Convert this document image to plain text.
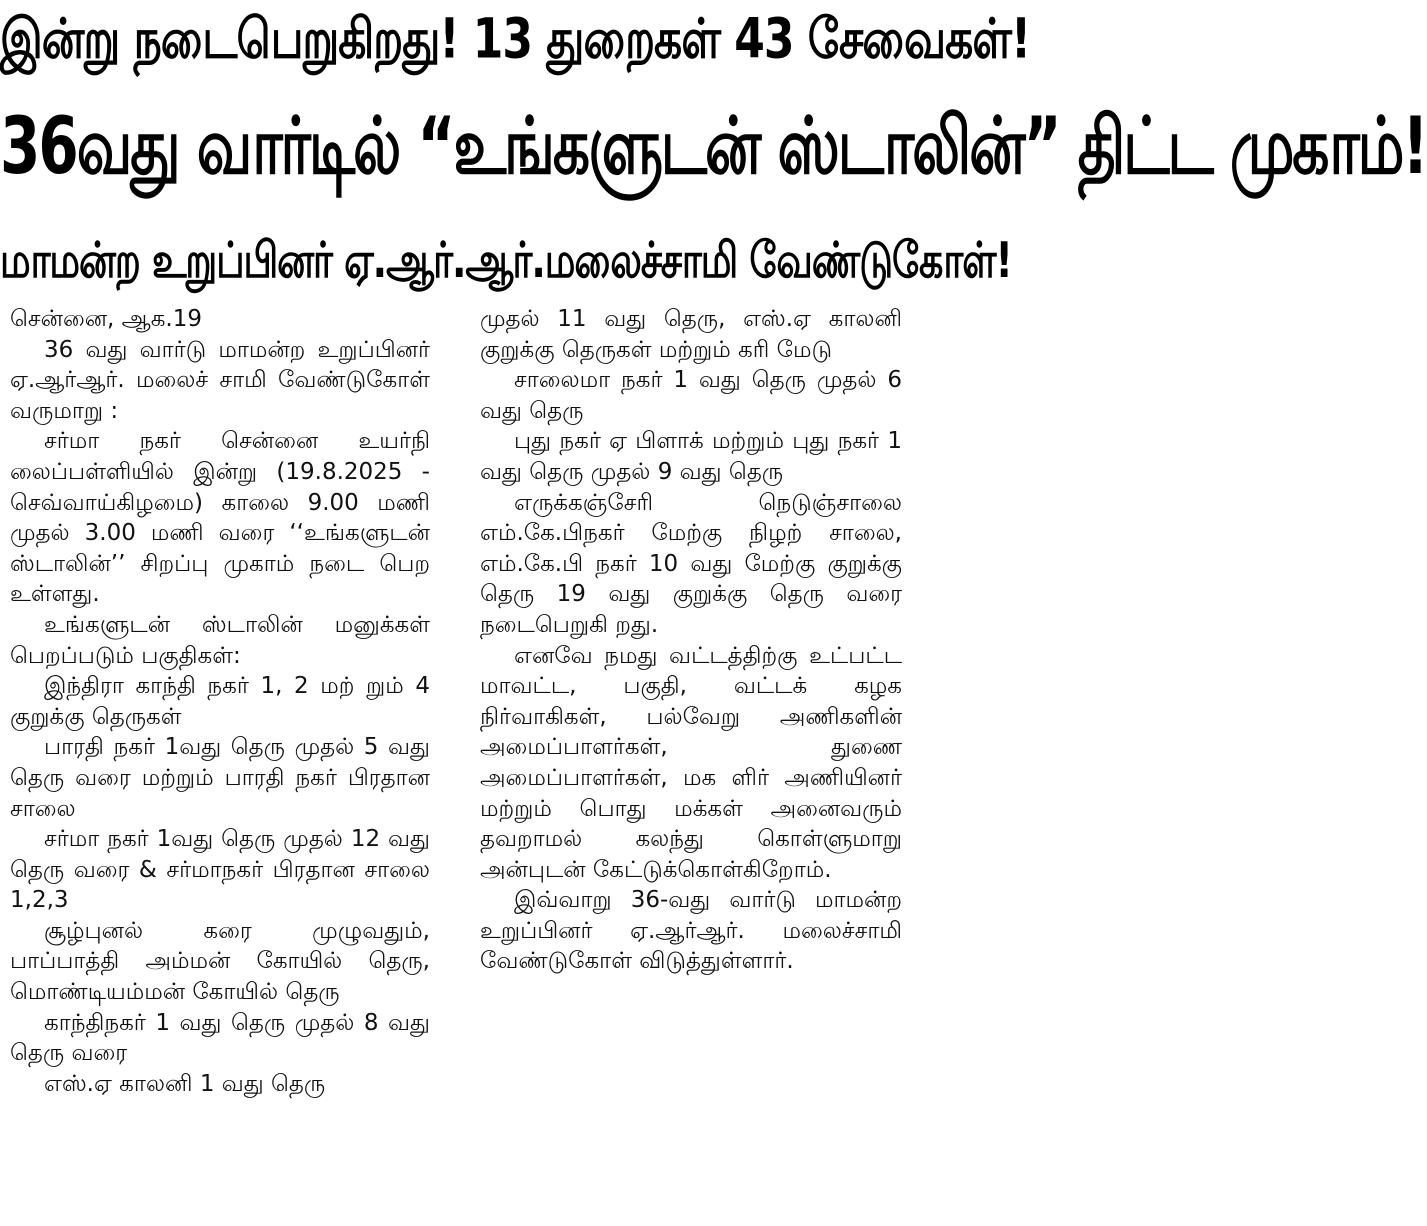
இன்று நடைபெறுகிறது! 13 துறைகள் 43 சேவைகள்!
36வது வார்டில் “உங்களுடன் ஸ்டாலின்” திட்ட முகாம்!
மாமன்ற உறுப்பினர் ஏ.ஆர்.ஆர்.மலைச்சாமி வேண்டுகோள்!

சென்னை, ஆக.19

36 வது வார்டு மாமன்ற உறுப்பினர் ஏ.ஆர்ஆர். மலைச் சாமி வேண்டுகோள் வருமாறு :

சர்மா நகர் சென்னை உயர்நி லைப்பள்ளியில் இன்று (19.8.2025 - செவ்வாய்கிழமை) காலை 9.00 மணி முதல் 3.00 மணி வரை ‘‘உங்களுடன் ஸ்டாலின்’’ சிறப்பு முகாம் நடை பெற உள்ளது.

உங்களுடன் ஸ்டாலின் மனுக்கள் பெறப்படும் பகுதிகள்:

இந்திரா காந்தி நகர் 1, 2 மற் றும் 4 குறுக்கு தெருகள்

பாரதி நகர் 1வது தெரு முதல் 5 வது தெரு வரை மற்றும் பாரதி நகர் பிரதான சாலை

சர்மா நகர் 1வது தெரு முதல் 12 வது தெரு வரை & சர்மாநகர் பிரதான சாலை 1,2,3

சூழ்புனல் கரை முழுவதும், பாப்பாத்தி அம்மன் கோயில் தெரு, மொண்டியம்மன் கோயில் தெரு

காந்திநகர் 1 வது தெரு முதல் 8 வது தெரு வரை

எஸ்.ஏ காலனி 1 வது தெரு

முதல் 11 வது தெரு, எஸ்.ஏ காலனி குறுக்கு தெருகள் மற்றும் கரி மேடு

சாலைமா நகர் 1 வது தெரு முதல் 6 வது தெரு

புது நகர் ஏ பிளாக் மற்றும் புது நகர் 1 வது தெரு முதல் 9 வது தெரு

எருக்கஞ்சேரி நெடுஞ்சாலை எம்.கே.பிநகர் மேற்கு நிழற் சாலை, எம்.கே.பி நகர் 10 வது மேற்கு குறுக்கு தெரு 19 வது குறுக்கு தெரு வரை நடைபெறுகி றது.

எனவே நமது வட்டத்திற்கு உட்பட்ட மாவட்ட, பகுதி, வட்டக் கழக நிர்வாகிகள், பல்வேறு அணிகளின் அமைப்பாளர்கள், துணை அமைப்பாளர்கள், மக ளிர் அணியினர் மற்றும் பொது மக்கள் அனைவரும் தவறாமல் கலந்து கொள்ளுமாறு அன்புடன் கேட்டுக்கொள்கிறோம்.

இவ்வாறு 36-வது வார்டு மாமன்ற உறுப்பினர் ஏ.ஆர்ஆர். மலைச்சாமி வேண்டுகோள் விடுத்துள்ளார்.
